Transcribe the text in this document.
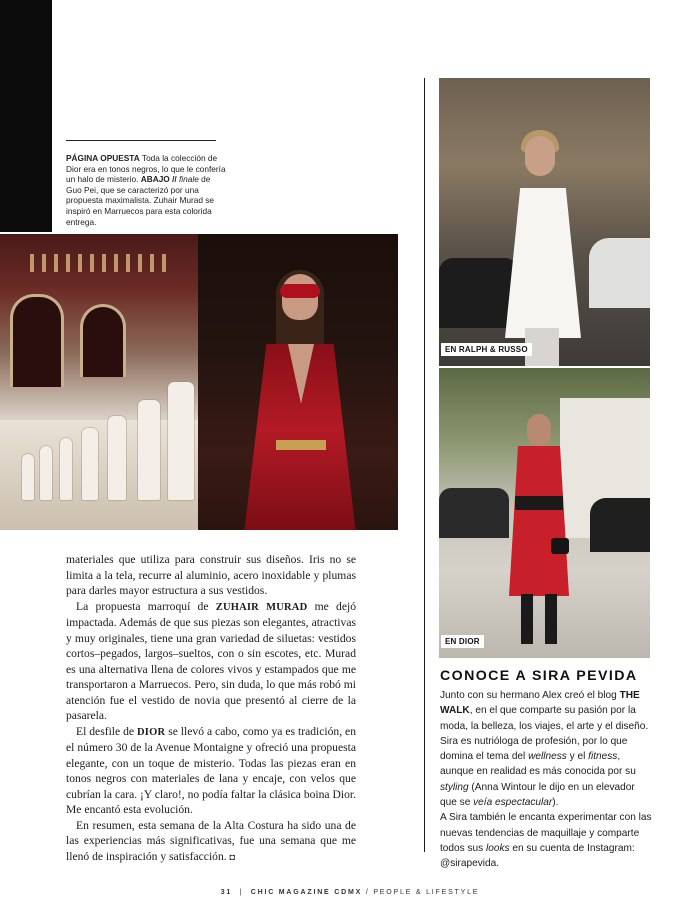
PÁGINA OPUESTA Toda la colección de Dior era en tonos negros, lo que le confería un halo de misterio. ABAJO // finale de Guo Pei, que se caracterizó por una propuesta maximalista. Zuhair Murad se inspiró en Marruecos para esta colorida entrega.
EN RALPH & RUSSO
EN DIOR

materiales que utiliza para construir sus diseños. Iris no se limita a la tela, recurre al aluminio, acero inoxidable y plumas para darles mayor estructura a sus vestidos.

La propuesta marroquí de ZUHAIR MURAD me dejó impactada. Además de que sus piezas son elegantes, atractivas y muy originales, tiene una gran variedad de siluetas: vestidos cortos–pegados, largos–sueltos, con o sin escotes, etc. Murad es una alternativa llena de colores vivos y estampados que me transportaron a Marruecos. Pero, sin duda, lo que más robó mi atención fue el vestido de novia que presentó al cierre de la pasarela.

El desfile de DIOR se llevó a cabo, como ya es tradición, en el número 30 de la Avenue Montaigne y ofreció una propuesta elegante, con un toque de misterio. Todas las piezas eran en tonos negros con materiales de lana y encaje, con velos que cubrían la cara. ¡Y claro!, no podía faltar la clásica boina Dior. Me encantó esta evolución.

En resumen, esta semana de la Alta Costura ha sido una de las experiencias más significativas, fue una semana que me llenó de inspiración y satisfacción. ◘

CONOCE A SIRA PEVIDA

Junto con su hermano Alex creó el blog THE WALK, en el que comparte su pasión por la moda, la belleza, los viajes, el arte y el diseño. Sira es nutrióloga de profesión, por lo que domina el tema del wellness y el fitness, aunque en realidad es más conocida por su styling (Anna Wintour le dijo en un elevador que se veía espectacular).

A Sira también le encanta experimentar con las nuevas tendencias de maquillaje y comparte todos sus looks en su cuenta de Instagram: @sirapevida.

31 | CHIC MAGAZINE CDMX / PEOPLE & LIFESTYLE
